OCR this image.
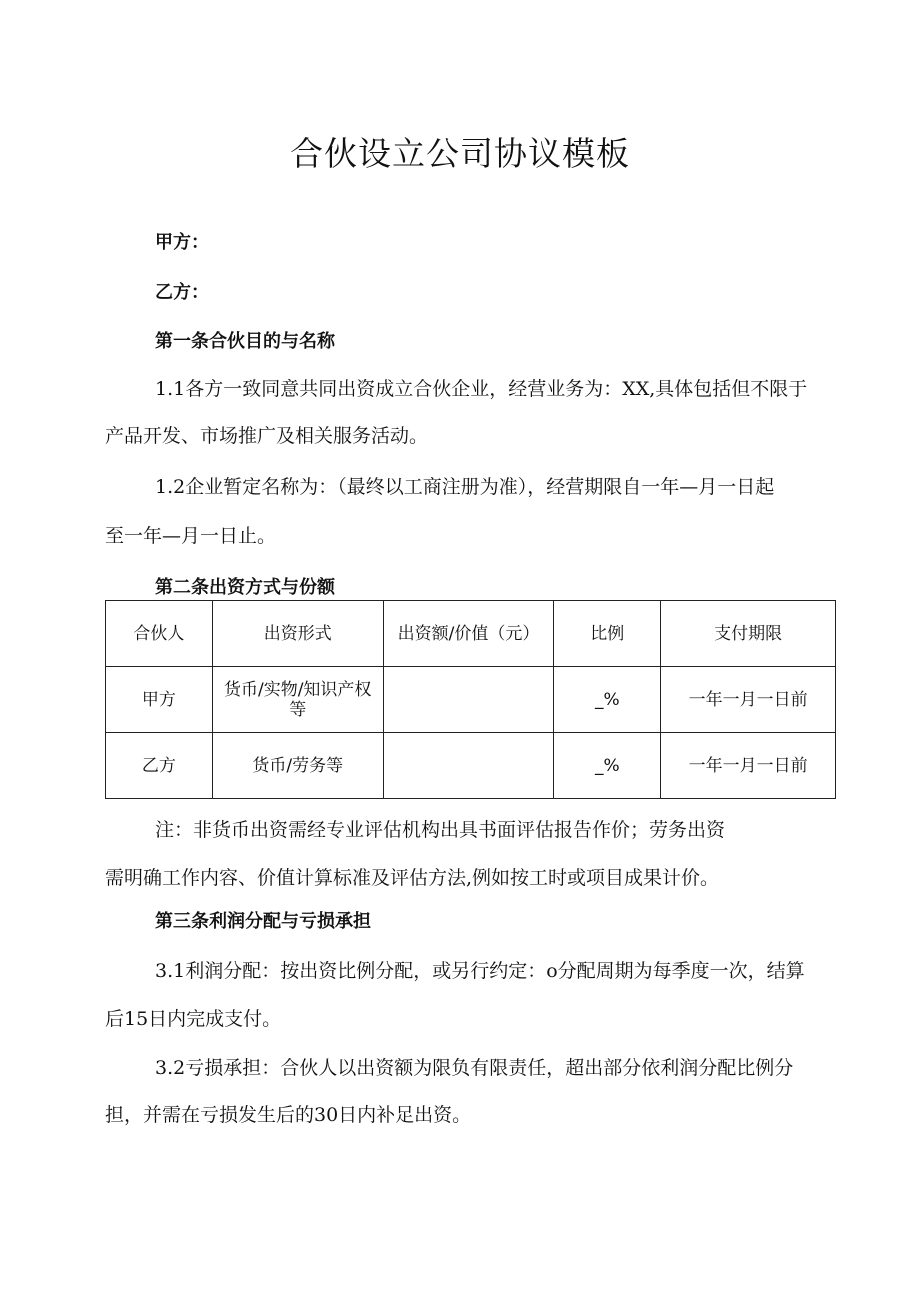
合伙设立公司协议模板

甲方：

乙方：

第一条合伙目的与名称

1.1各方一致同意共同出资成立合伙企业，经营业务为：XX,具体包括但不限于

产品开发、市场推广及相关服务活动。

1.2企业暂定名称为：（最终以工商注册为准），经营期限自一年—月一日起

至一年—月一日止。

第二条出资方式与份额

合伙人	出资形式	出资额/价值（元）	比例	支付期限
甲方	货币/实物/知识产权等		_%	一年一月一日前
乙方	货币/劳务等		_%	一年一月一日前

注：非货币出资需经专业评估机构出具书面评估报告作价；劳务出资

需明确工作内容、价值计算标准及评估方法,例如按工时或项目成果计价。

第三条利润分配与亏损承担

3.1利润分配：按出资比例分配，或另行约定：o分配周期为每季度一次，结算

后15日内完成支付。

3.2亏损承担：合伙人以出资额为限负有限责任，超出部分依利润分配比例分

担，并需在亏损发生后的30日内补足出资。
